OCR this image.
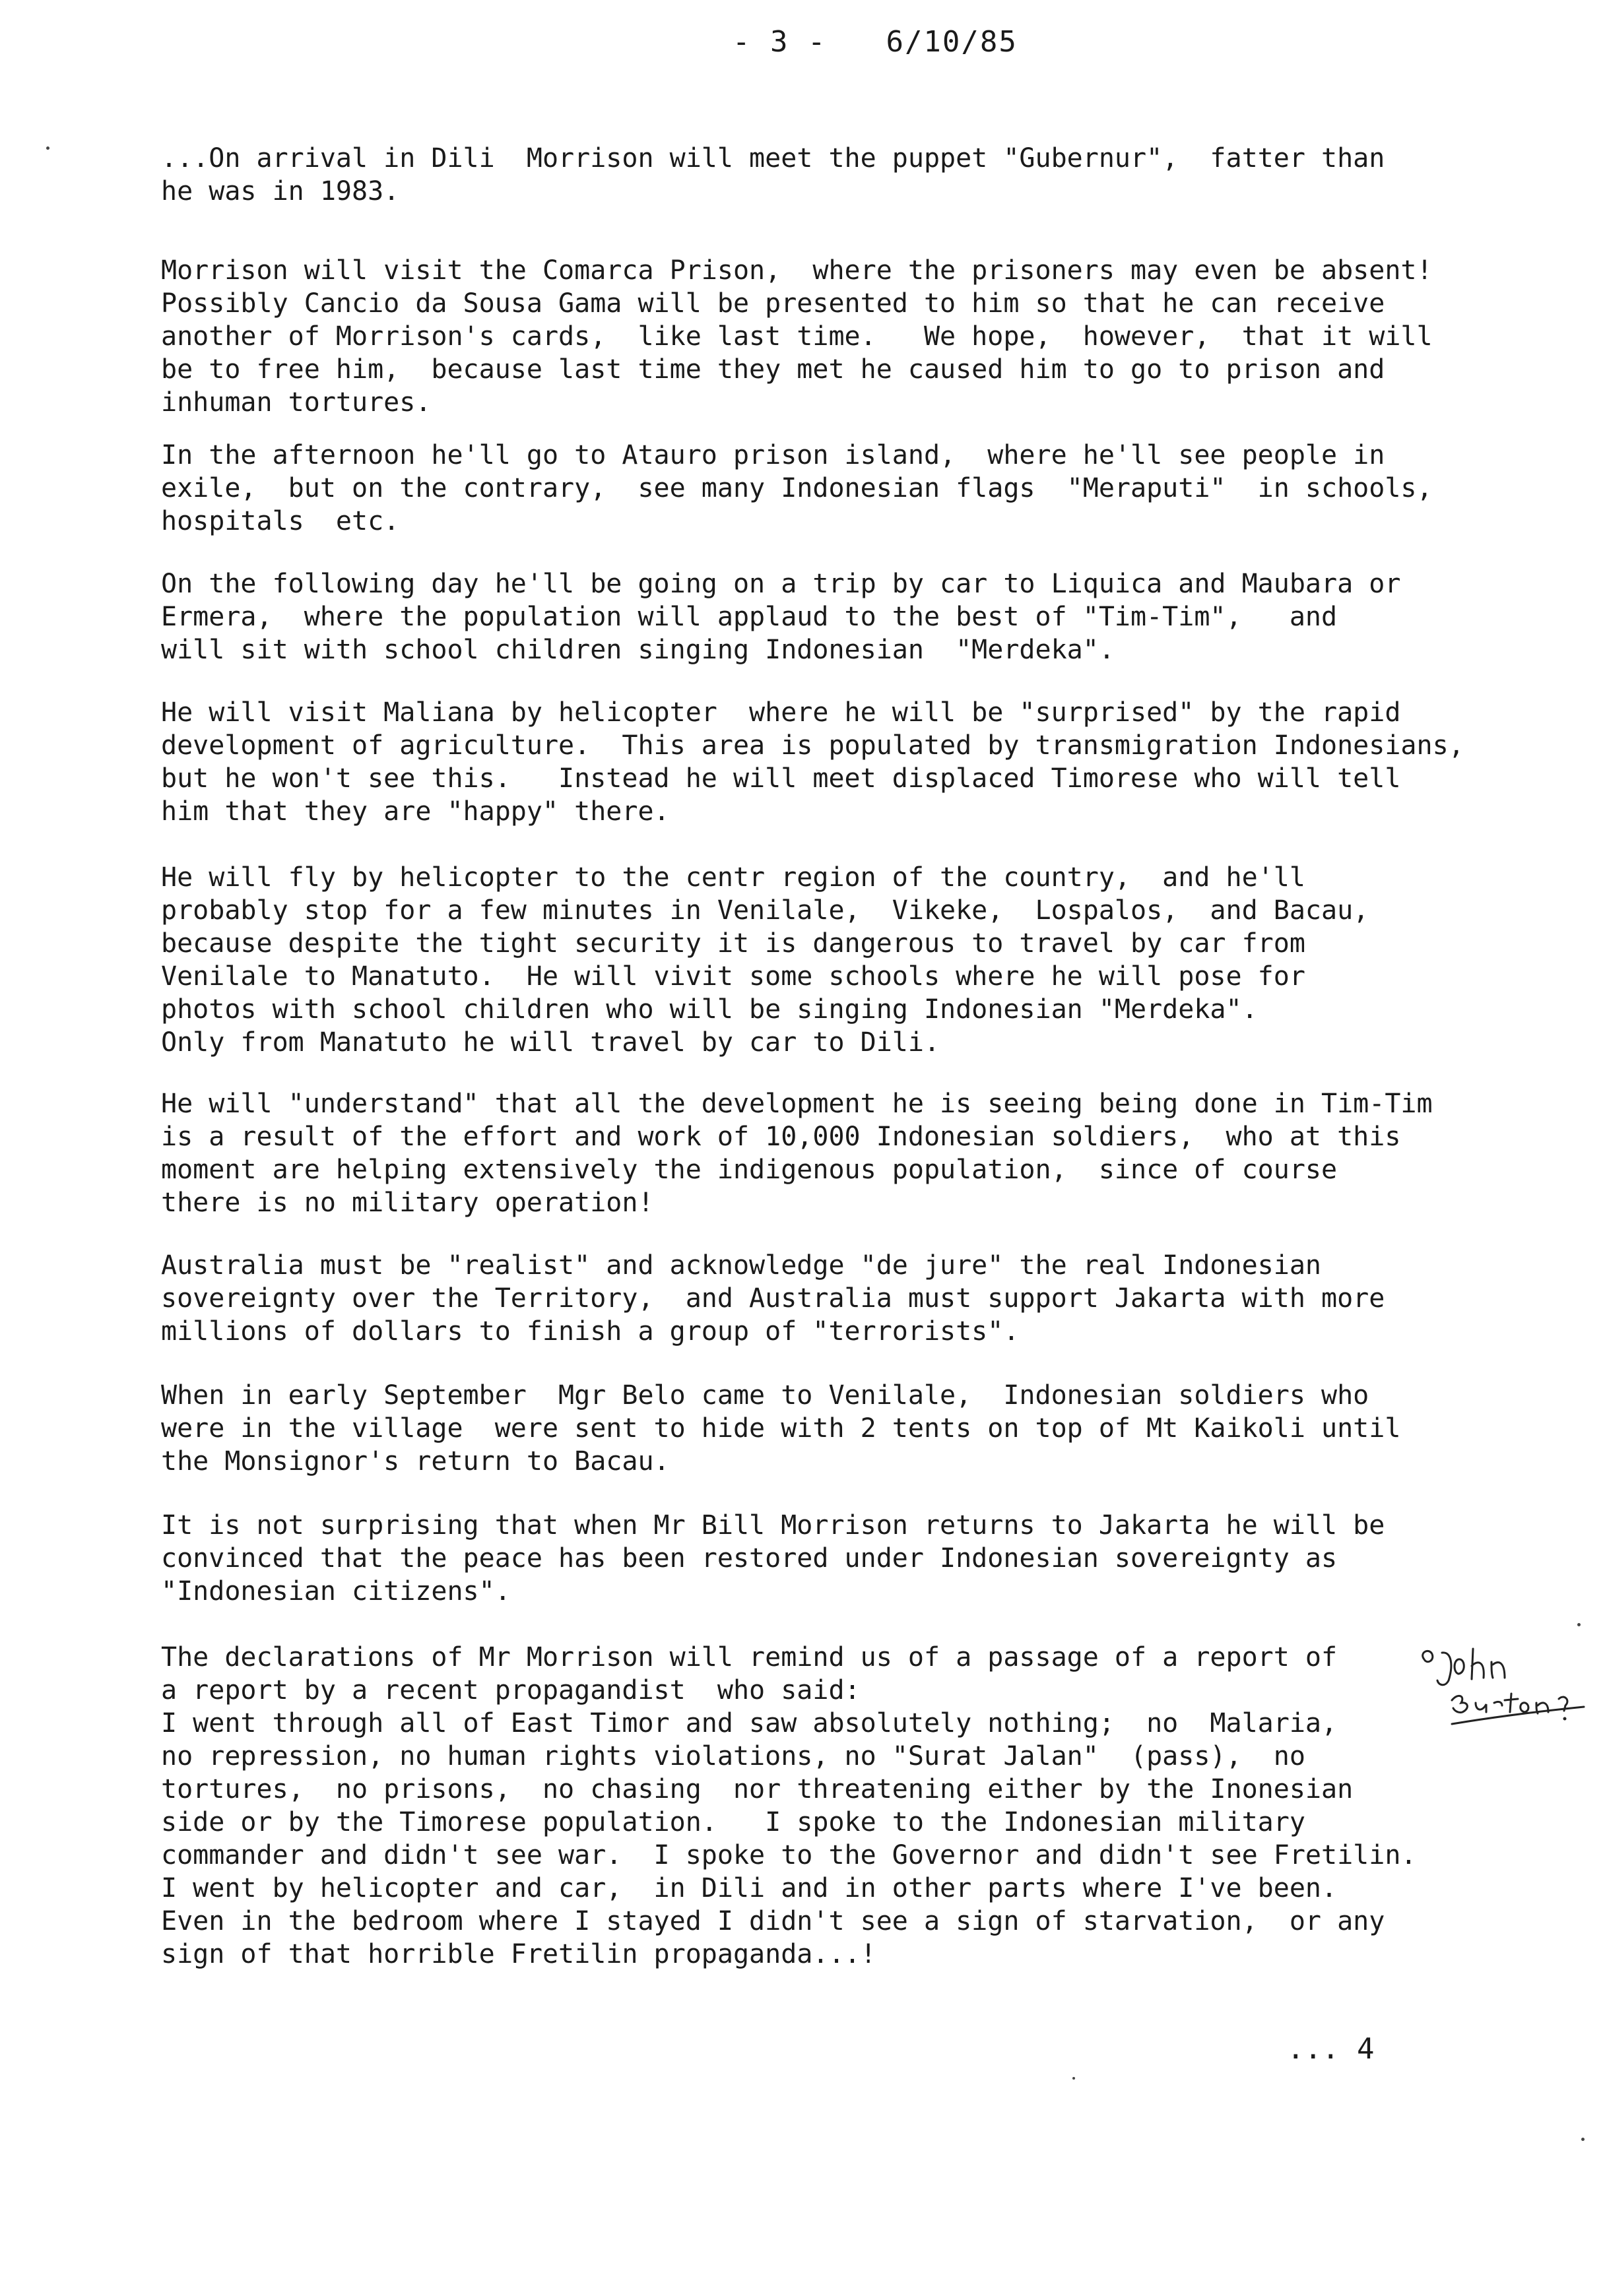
- 3 - 6/10/85
...On arrival in Dili  Morrison will meet the puppet "Gubernur",  fatter than
he was in 1983.
Morrison will visit the Comarca Prison,  where the prisoners may even be absent!
Possibly Cancio da Sousa Gama will be presented to him so that he can receive
another of Morrison's cards,  like last time.   We hope,  however,  that it will
be to free him,  because last time they met he caused him to go to prison and
inhuman tortures.
In the afternoon he'll go to Atauro prison island,  where he'll see people in
exile,  but on the contrary,  see many Indonesian flags  "Meraputi"  in schools,
hospitals  etc.
On the following day he'll be going on a trip by car to Liquica and Maubara or
Ermera,  where the population will applaud to the best of "Tim-Tim",   and
will sit with school children singing Indonesian  "Merdeka".
He will visit Maliana by helicopter  where he will be "surprised" by the rapid
development of agriculture.  This area is populated by transmigration Indonesians,
but he won't see this.   Instead he will meet displaced Timorese who will tell
him that they are "happy" there.
He will fly by helicopter to the centr region of the country,  and he'll
probably stop for a few minutes in Venilale,  Vikeke,  Lospalos,  and Bacau,
because despite the tight security it is dangerous to travel by car from
Venilale to Manatuto.  He will vivit some schools where he will pose for
photos with school children who will be singing Indonesian "Merdeka".
Only from Manatuto he will travel by car to Dili.
He will "understand" that all the development he is seeing being done in Tim-Tim
is a result of the effort and work of 10,000 Indonesian soldiers,  who at this
moment are helping extensively the indigenous population,  since of course
there is no military operation!
Australia must be "realist" and acknowledge "de jure" the real Indonesian
sovereignty over the Territory,  and Australia must support Jakarta with more
millions of dollars to finish a group of "terrorists".
When in early September  Mgr Belo came to Venilale,  Indonesian soldiers who
were in the village  were sent to hide with 2 tents on top of Mt Kaikoli until
the Monsignor's return to Bacau.
It is not surprising that when Mr Bill Morrison returns to Jakarta he will be
convinced that the peace has been restored under Indonesian sovereignty as
"Indonesian citizens".
The declarations of Mr Morrison will remind us of a passage of a report of
a report by a recent propagandist  who said:
I went through all of East Timor and saw absolutely nothing;  no  Malaria,
no repression, no human rights violations, no "Surat Jalan"  (pass),  no
tortures,  no prisons,  no chasing  nor threatening either by the Inonesian
side or by the Timorese population.   I spoke to the Indonesian military
commander and didn't see war.  I spoke to the Governor and didn't see Fretilin.
I went by helicopter and car,  in Dili and in other parts where I've been.
Even in the bedroom where I stayed I didn't see a sign of starvation,  or any
sign of that horrible Fretilin propaganda...!
... 4
